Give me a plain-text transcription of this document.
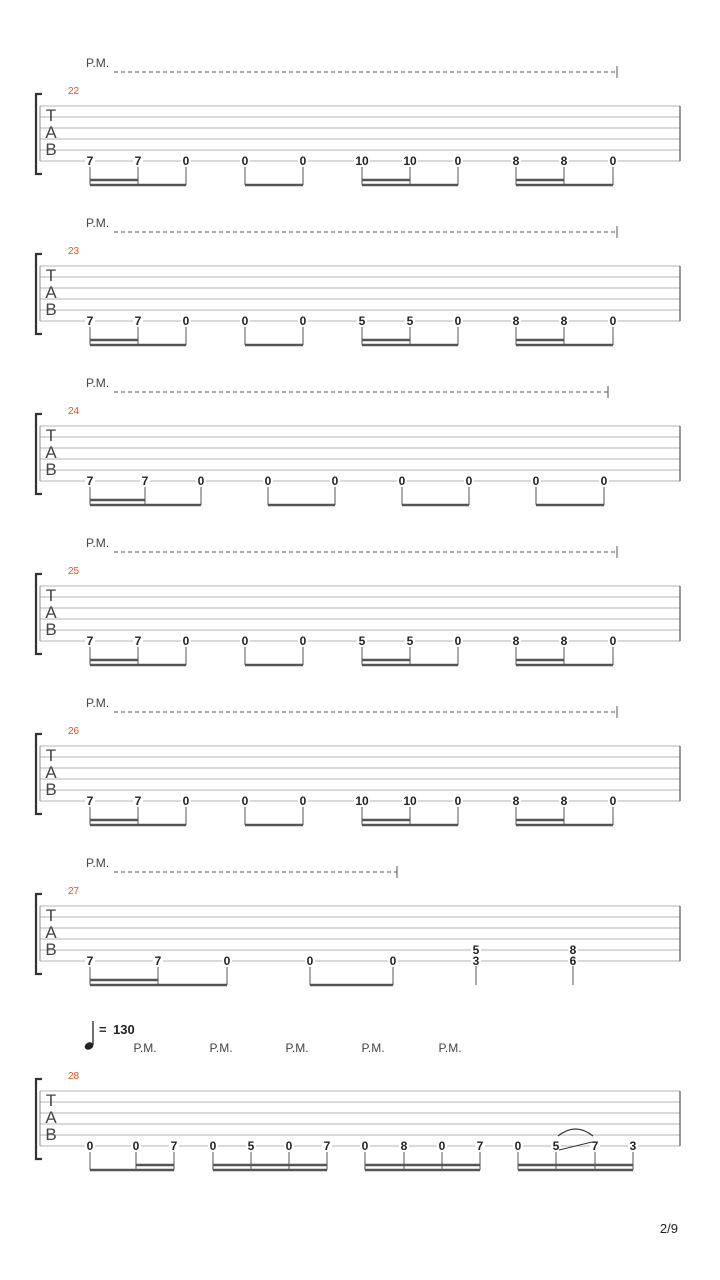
P.M.
22
T
A
B
7	7	0	0	0	10	10	0	8	8	0
P.M.
23
T
A
B
7	7	0	0	0	5	5	0	8	8	0
P.M.
24
T
A
B
7	7	0	0	0	0	0	0	0
P.M.
25
T
A
B
7	7	0	0	0	5	5	0	8	8	0
P.M.
26
T
A
B
7	7	0	0	0	10	10	0	8	8	0
P.M.
27
T
A
B
7	7	0	0	0
5
3
8
6
= 130
P.M.	P.M.	P.M.	P.M.	P.M.
28
T
A
B
0	0	7	0	5	0	7	0	8	0	7	0	5	7	3
2/9
